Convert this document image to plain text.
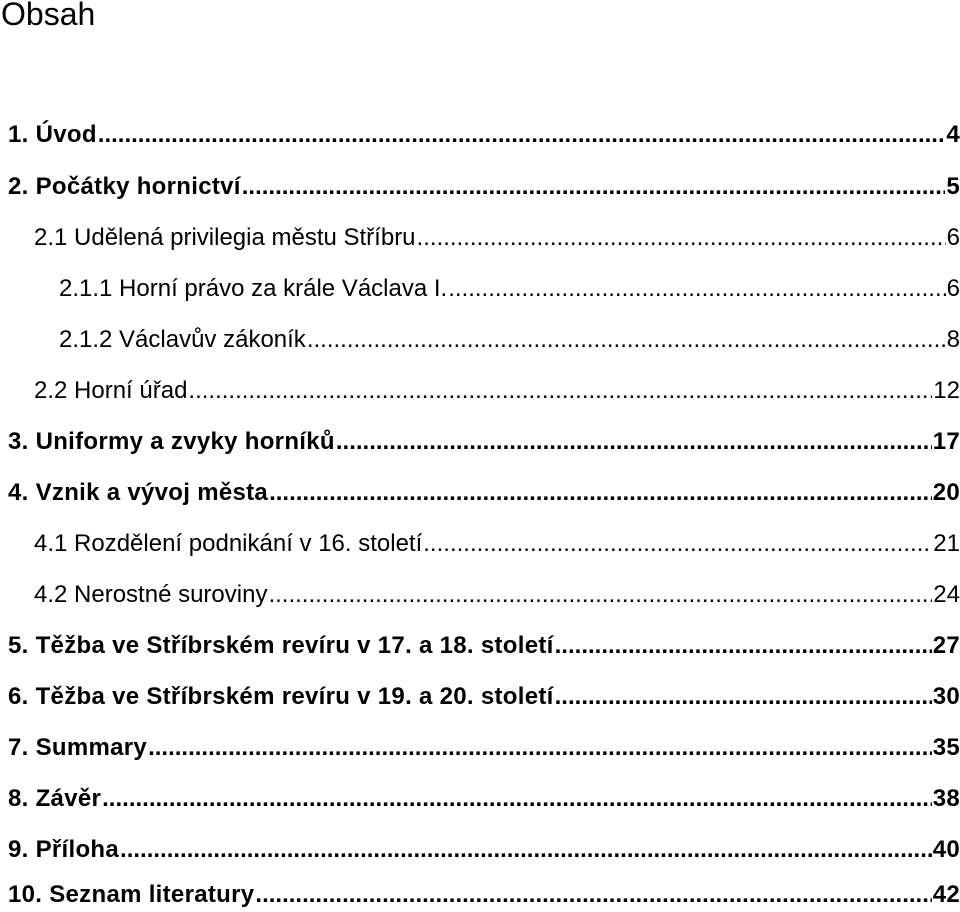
Obsah
1. Úvod .....	4
2. Počátky hornictví .....	5
2.1 Udělená privilegia městu Stříbru .....	6
2.1.1 Horní právo za krále Václava I. .....	6
2.1.2 Václavův zákoník .....	8
2.2 Horní úřad .....	12
3. Uniformy a zvyky horníků .....	17
4. Vznik a vývoj města .....	20
4.1 Rozdělení podnikání v 16. století .....	21
4.2 Nerostné suroviny .....	24
5. Těžba ve Stříbrském revíru v 17. a 18. století .....	27
6. Těžba ve Stříbrském revíru v 19. a 20. století .....	30
7. Summary .....	35
8. Závěr .....	38
9. Příloha .....	40
10. Seznam literatury .....	42
